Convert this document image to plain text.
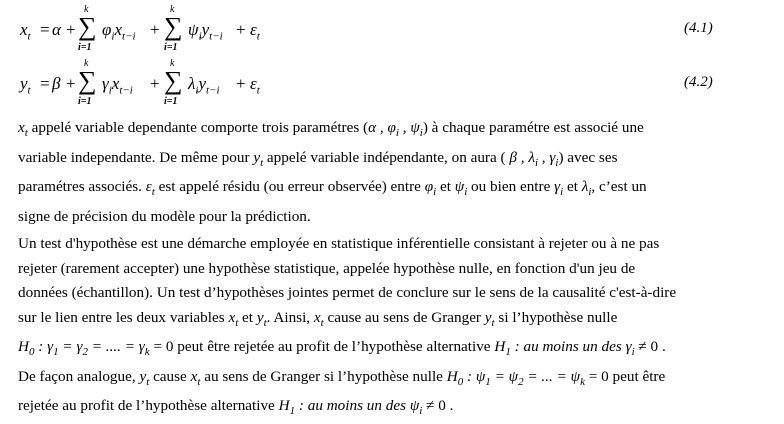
$x_t = \alpha$ +
k
∑
i=1
$\varphi_ix_{t-i}$ +
k
∑
i=1
$\psi_iy_{t-i} + \varepsilon_t$
(4.1)
$y_t = \beta$ +
k
∑
i=1
$\gamma_ix_{t-i}$ +
k
∑
i=1
$\lambda_iy_{t-i} + \varepsilon_t$
(4.2)
$x_t$ appelé variable dependante comporte trois paramétres (α , $\varphi_i$ , $\psi_i$) à chaque paramétre est associé une
variable independante. De même pour $y_t$ appelé variable indépendante, on aura ( β , $\lambda_i$ , $\gamma_i$) avec ses
paramétres associés. $\varepsilon_t$ est appelé résidu (ou erreur observée) entre $\varphi_i$ et $\psi_i$ ou bien entre $\gamma_i$ et $\lambda_i$, c’est un
signe de précision du modèle pour la prédiction.
Un test d'hypothèse est une démarche employée en statistique inférentielle consistant à rejeter ou à ne pas
rejeter (rarement accepter) une hypothèse statistique, appelée hypothèse nulle, en fonction d'un jeu de
données (échantillon). Un test d’hypothèses jointes permet de conclure sur le sens de la causalité c'est-à-dire
sur le lien entre les deux variables $x_t$ et $y_t$. Ainsi, $x_t$ cause au sens de Granger $y_t$ si l’hypothèse nulle
$H_0$ : $\gamma_1 = \gamma_2$ = .... = $\gamma_k = 0$ peut être rejetée au profit de l’hypothèse alternative $H_1$ : au moins un des $\gamma_i \ne 0$ .
De façon analogue, $y_t$ cause $x_t$ au sens de Granger si l’hypothèse nulle $H_0$ : $\psi_1 = \psi_2$ = ... = $\psi_k = 0$ peut être
rejetée au profit de l’hypothèse alternative $H_1$ : au moins un des $\psi_i \ne 0$ .
